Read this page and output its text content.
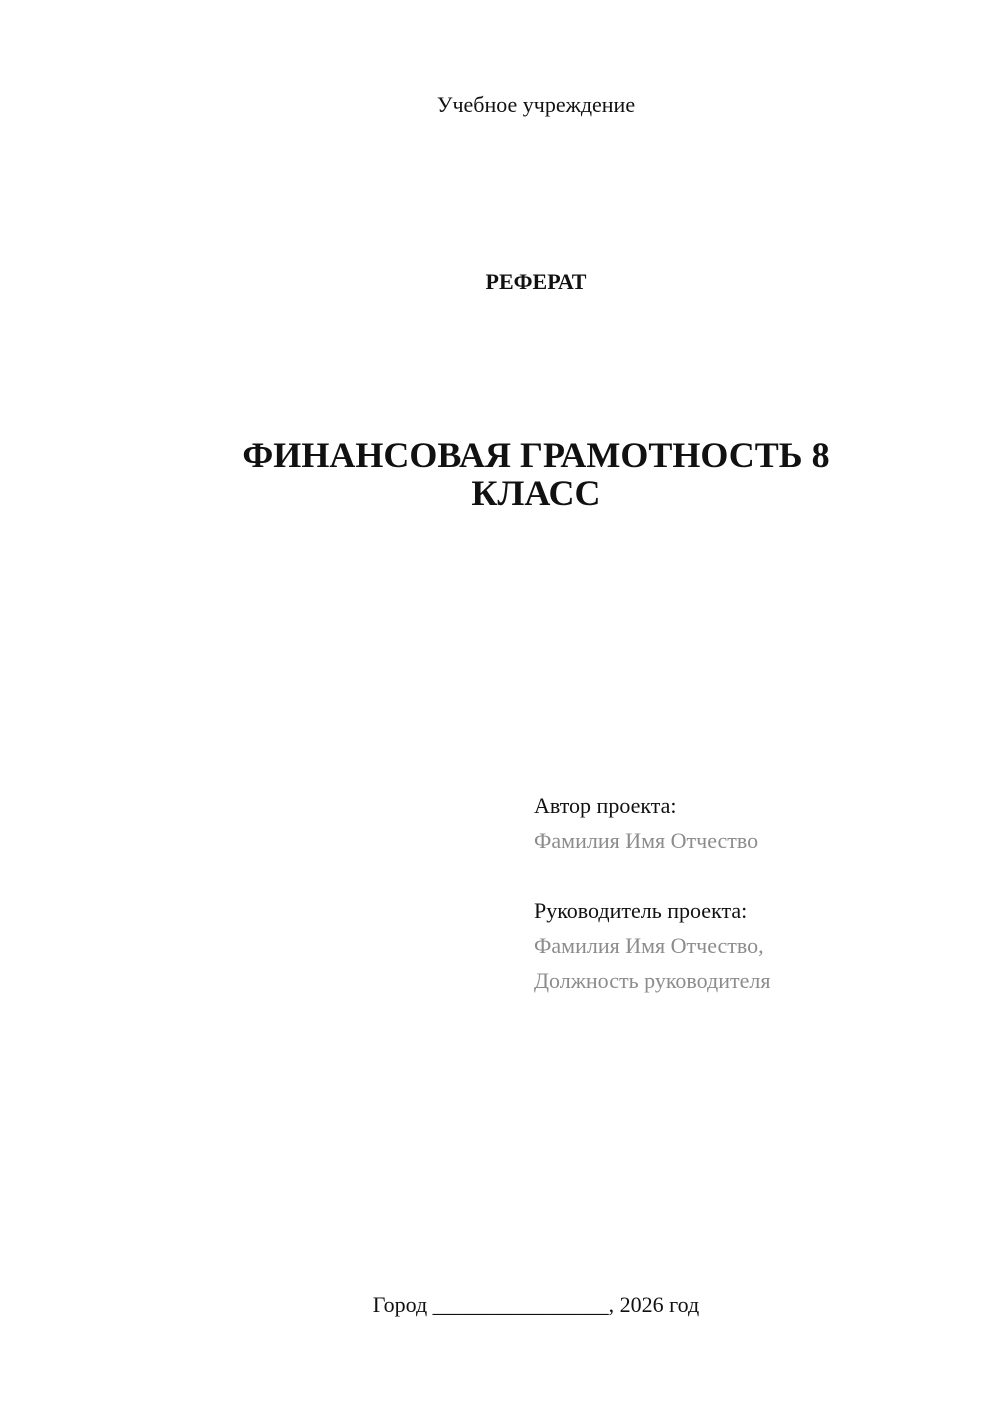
Учебное учреждение
РЕФЕРАТ
ФИНАНСОВАЯ ГРАМОТНОСТЬ 8
КЛАСС
Автор проекта:
Фамилия Имя Отчество
Руководитель проекта:
Фамилия Имя Отчество,
Должность руководителя
Город ________________, 2026 год
